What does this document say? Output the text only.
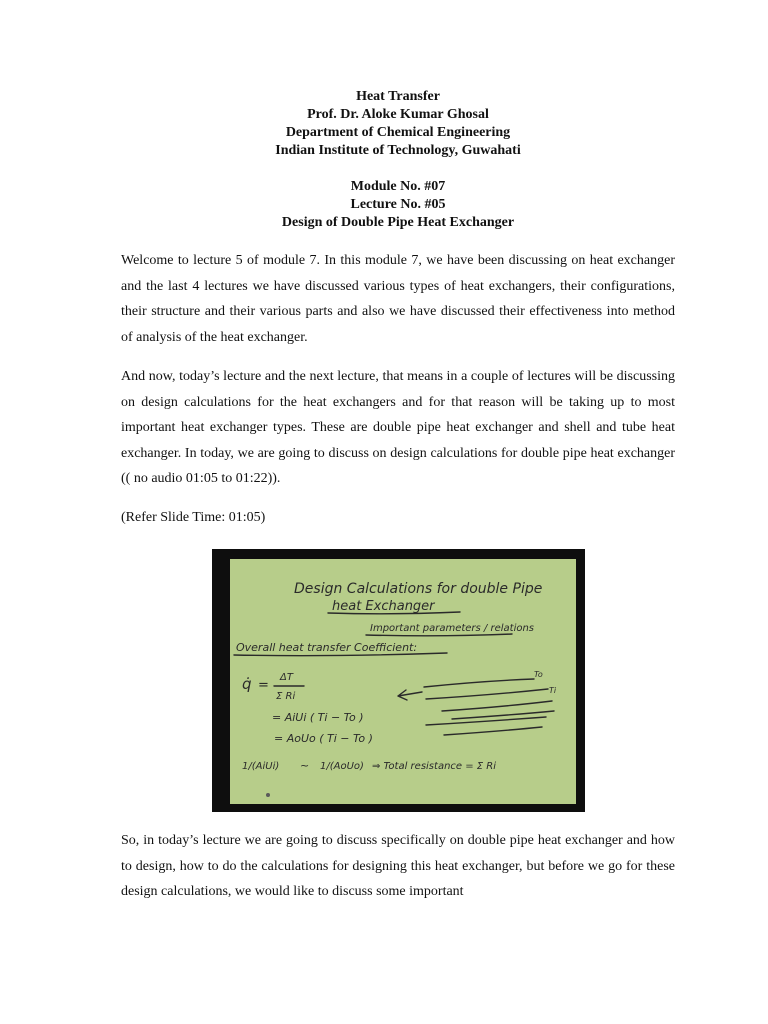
Heat Transfer
Prof. Dr. Aloke Kumar Ghosal
Department of Chemical Engineering
Indian Institute of Technology, Guwahati
Module No. #07
Lecture No. #05
Design of Double Pipe Heat Exchanger

Welcome to lecture 5 of module 7. In this module 7, we have been discussing on heat exchanger and the last 4 lectures we have discussed various types of heat exchangers, their configurations, their structure and their various parts and also we have discussed their effectiveness into method of analysis of the heat exchanger.

And now, today’s lecture and the next lecture, that means in a couple of lectures will be discussing on design calculations for the heat exchangers and for that reason will be taking up to most important heat exchanger types. These are double pipe heat exchanger and shell and tube heat exchanger. In today, we are going to discuss on design calculations for double pipe heat exchanger (( no audio 01:05 to 01:22)).

(Refer Slide Time: 01:05)

Design Calculations for double Pipe
heat Exchanger
Important parameters / relations
Overall heat transfer Coefficient:
q̇ =
ΔT
Σ Ri
= AiUi ( Ti − To )
= AoUo ( Ti − To )
1/(AiUi) ~ 1/(AoUo) ⇒ Total resistance = Σ Ri
To
Ti

So, in today’s lecture we are going to discuss specifically on double pipe heat exchanger and how to design, how to do the calculations for designing this heat exchanger, but before we go for these design calculations, we would like to discuss some important
